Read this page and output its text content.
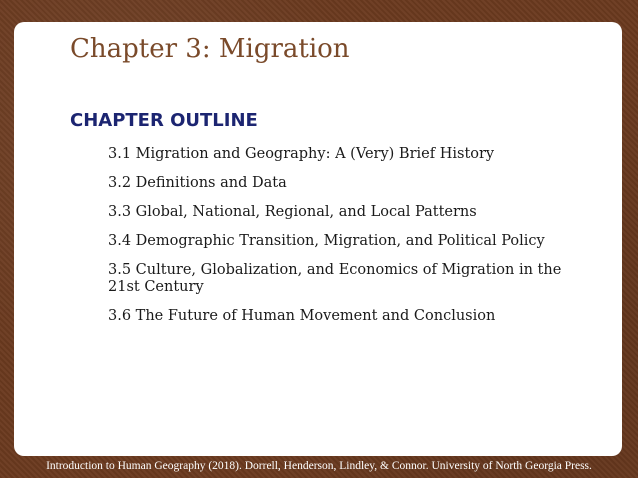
Chapter 3: Migration
CHAPTER OUTLINE
3.1 Migration and Geography: A (Very) Brief History
3.2 Definitions and Data
3.3 Global, National, Regional, and Local Patterns
3.4 Demographic Transition, Migration, and Political Policy
3.5 Culture, Globalization, and Economics of Migration in the 21st Century
3.6 The Future of Human Movement and Conclusion
Introduction to Human Geography (2018). Dorrell, Henderson, Lindley, & Connor. University of North Georgia Press.
